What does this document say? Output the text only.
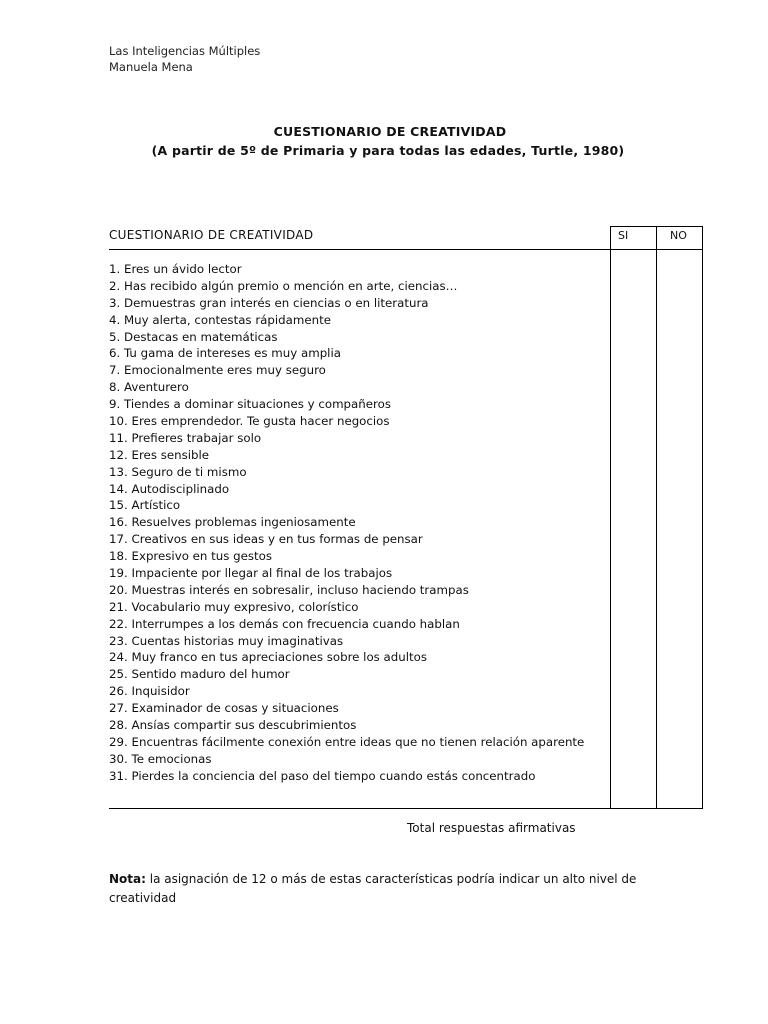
Las Inteligencias Múltiples
Manuela Mena
CUESTIONARIO DE CREATIVIDAD
(A partir de 5º de Primaria y para todas las edades, Turtle, 1980)
CUESTIONARIO DE CREATIVIDAD	SI	NO
1. Eres un ávido lector
2. Has recibido algún premio o mención en arte, ciencias…
3. Demuestras gran interés en ciencias o en literatura
4. Muy alerta, contestas rápidamente
5. Destacas en matemáticas
6. Tu gama de intereses es muy amplia
7. Emocionalmente eres muy seguro
8. Aventurero
9. Tiendes a dominar situaciones y compañeros
10. Eres emprendedor. Te gusta hacer negocios
11. Prefieres trabajar solo
12. Eres sensible
13. Seguro de ti mismo
14. Autodisciplinado
15. Artístico
16. Resuelves problemas ingeniosamente
17. Creativos en sus ideas y en tus formas de pensar
18. Expresivo en tus gestos
19. Impaciente por llegar al final de los trabajos
20. Muestras interés en sobresalir, incluso haciendo trampas
21. Vocabulario muy expresivo, colorístico
22. Interrumpes a los demás con frecuencia cuando hablan
23. Cuentas historias muy imaginativas
24. Muy franco en tus apreciaciones sobre los adultos
25. Sentido maduro del humor
26. Inquisidor
27. Examinador de cosas y situaciones
28. Ansías compartir sus descubrimientos
29. Encuentras fácilmente conexión entre ideas que no tienen relación aparente
30. Te emocionas
31. Pierdes la conciencia del paso del tiempo cuando estás concentrado
Total respuestas afirmativas
Nota: la asignación de 12 o más de estas características podría indicar un alto nivel de creatividad
